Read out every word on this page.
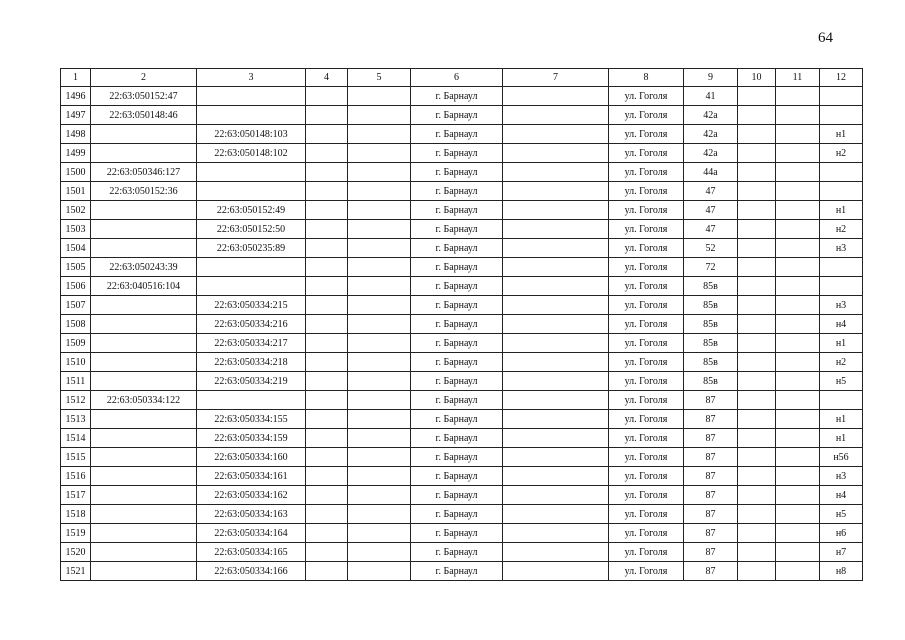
64
1	2	3	4	5	6	7	8	9	10	11	12
1496	22:63:050152:47				г. Барнаул		ул. Гоголя	41			
1497	22:63:050148:46				г. Барнаул		ул. Гоголя	42а			
1498		22:63:050148:103			г. Барнаул		ул. Гоголя	42а			н1
1499		22:63:050148:102			г. Барнаул		ул. Гоголя	42а			н2
1500	22:63:050346:127				г. Барнаул		ул. Гоголя	44а			
1501	22:63:050152:36				г. Барнаул		ул. Гоголя	47			
1502		22:63:050152:49			г. Барнаул		ул. Гоголя	47			н1
1503		22:63:050152:50			г. Барнаул		ул. Гоголя	47			н2
1504		22:63:050235:89			г. Барнаул		ул. Гоголя	52			н3
1505	22:63:050243:39				г. Барнаул		ул. Гоголя	72			
1506	22:63:040516:104				г. Барнаул		ул. Гоголя	85в			
1507		22:63:050334:215			г. Барнаул		ул. Гоголя	85в			н3
1508		22:63:050334:216			г. Барнаул		ул. Гоголя	85в			н4
1509		22:63:050334:217			г. Барнаул		ул. Гоголя	85в			н1
1510		22:63:050334:218			г. Барнаул		ул. Гоголя	85в			н2
1511		22:63:050334:219			г. Барнаул		ул. Гоголя	85в			н5
1512	22:63:050334:122				г. Барнаул		ул. Гоголя	87			
1513		22:63:050334:155			г. Барнаул		ул. Гоголя	87			н1
1514		22:63:050334:159			г. Барнаул		ул. Гоголя	87			н1
1515		22:63:050334:160			г. Барнаул		ул. Гоголя	87			н56
1516		22:63:050334:161			г. Барнаул		ул. Гоголя	87			н3
1517		22:63:050334:162			г. Барнаул		ул. Гоголя	87			н4
1518		22:63:050334:163			г. Барнаул		ул. Гоголя	87			н5
1519		22:63:050334:164			г. Барнаул		ул. Гоголя	87			н6
1520		22:63:050334:165			г. Барнаул		ул. Гоголя	87			н7
1521		22:63:050334:166			г. Барнаул		ул. Гоголя	87			н8
